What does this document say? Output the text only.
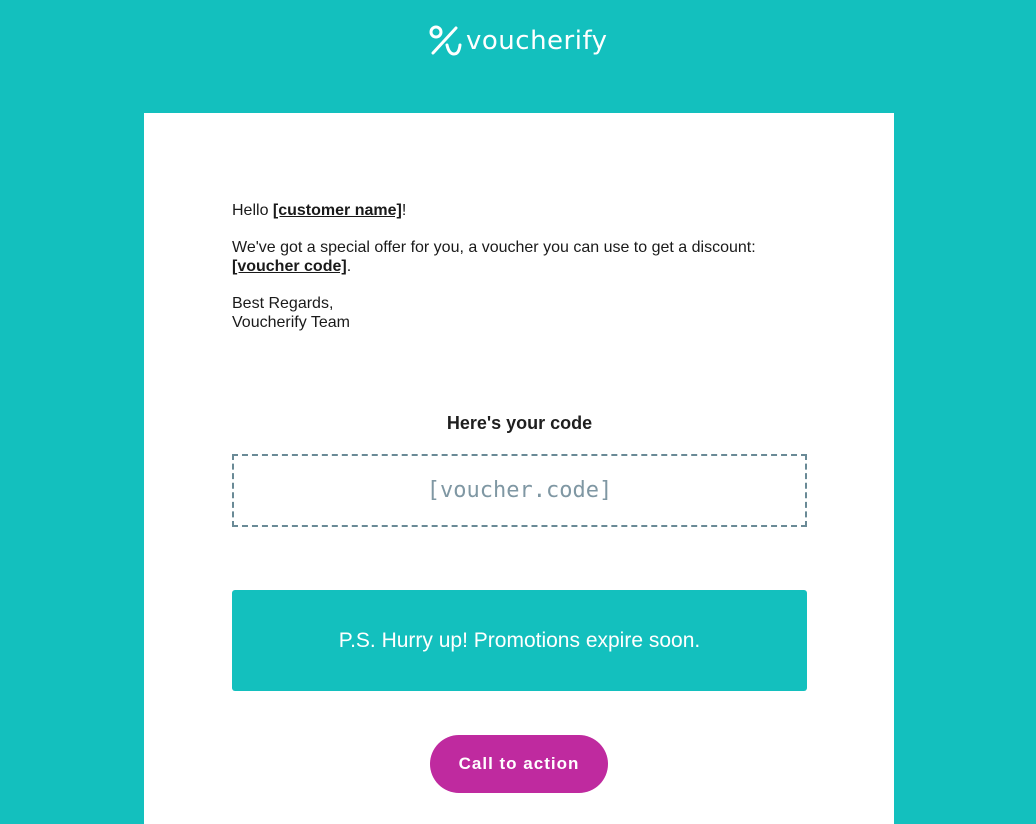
voucherify

Hello [customer name]!

We've got a special offer for you, a voucher you can use to get a discount:
[voucher code].

Best Regards,
Voucherify Team

Here's your code
[voucher.code]
P.S. Hurry up! Promotions expire soon.
Call to action
